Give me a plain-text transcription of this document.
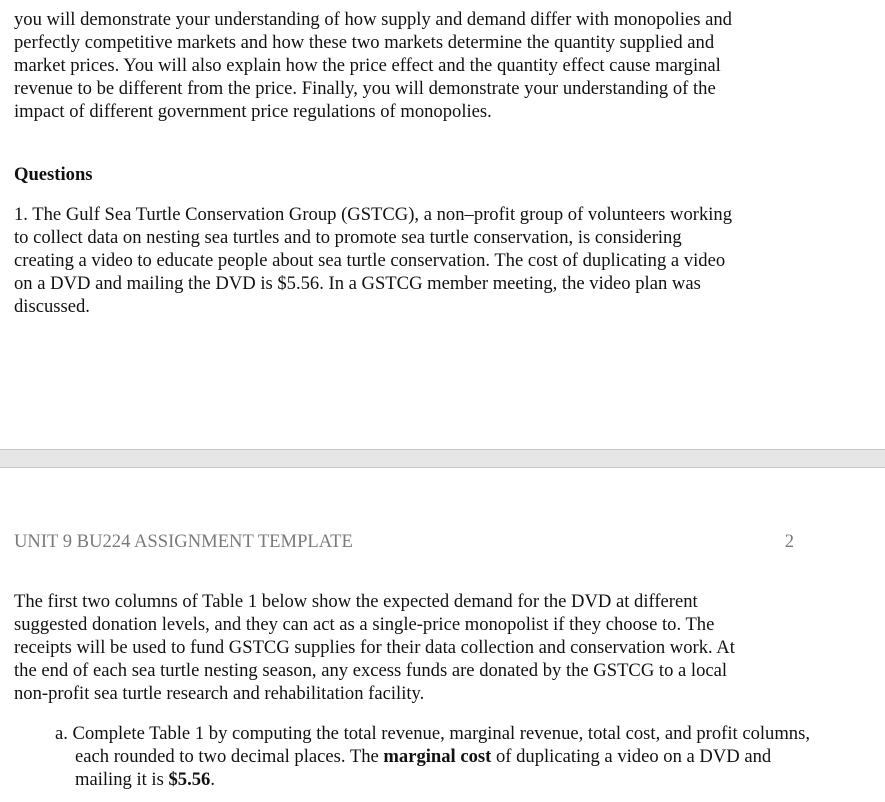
you will demonstrate your understanding of how supply and demand differ with monopolies and
perfectly competitive markets and how these two markets determine the quantity supplied and
market prices. You will also explain how the price effect and the quantity effect cause marginal
revenue to be different from the price. Finally, you will demonstrate your understanding of the
impact of different government price regulations of monopolies.

Questions

1. The Gulf Sea Turtle Conservation Group (GSTCG), a non–profit group of volunteers working
to collect data on nesting sea turtles and to promote sea turtle conservation, is considering
creating a video to educate people about sea turtle conservation. The cost of duplicating a video
on a DVD and mailing the DVD is $5.56. In a GSTCG member meeting, the video plan was
discussed.

UNIT 9 BU224 ASSIGNMENT TEMPLATE	2

The first two columns of Table 1 below show the expected demand for the DVD at different
suggested donation levels, and they can act as a single-price monopolist if they choose to. The
receipts will be used to fund GSTCG supplies for their data collection and conservation work. At
the end of each sea turtle nesting season, any excess funds are donated by the GSTCG to a local
non-profit sea turtle research and rehabilitation facility.

a. Complete Table 1 by computing the total revenue, marginal revenue, total cost, and profit columns, each rounded to two decimal places. The marginal cost of duplicating a video on a DVD and mailing it is $5.56.
